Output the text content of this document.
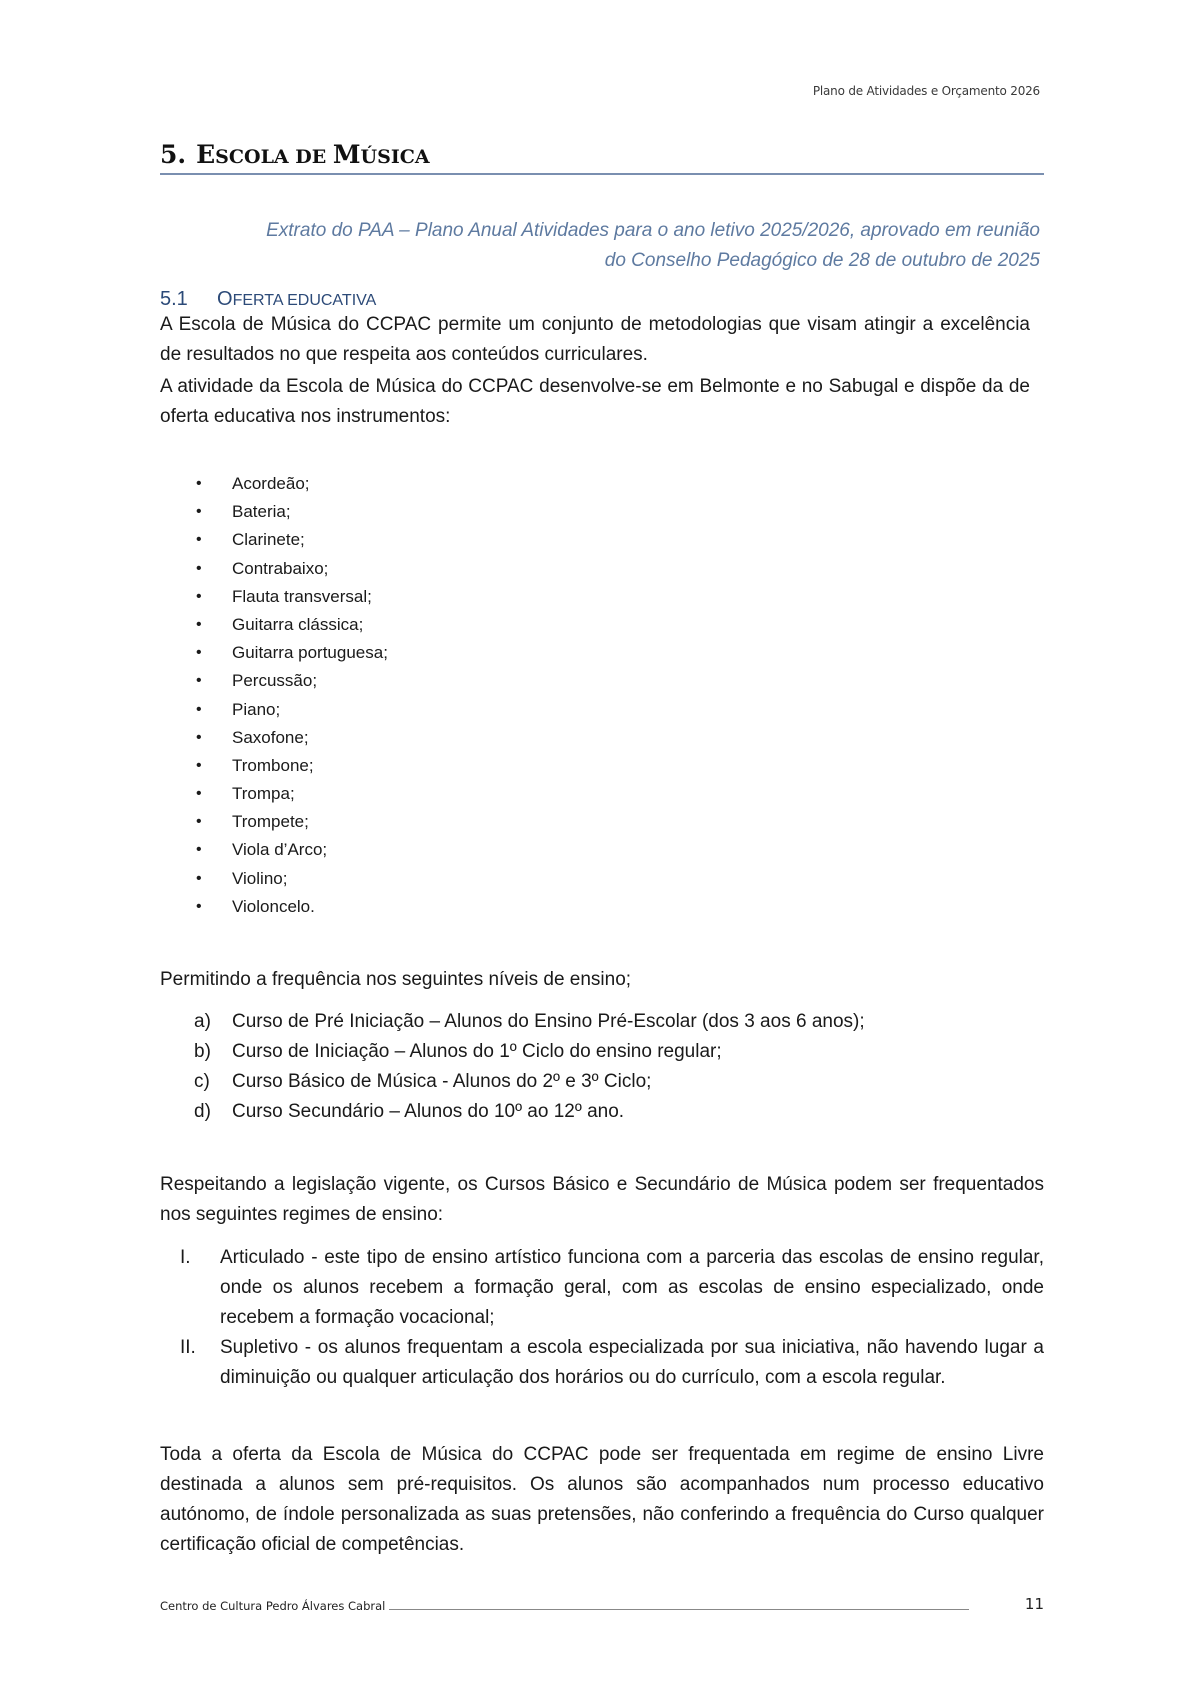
Plano de Atividades e Orçamento 2026
5. ESCOLA DE MÚSICA
Extrato do PAA – Plano Anual Atividades para o ano letivo 2025/2026, aprovado em reunião
do Conselho Pedagógico de 28 de outubro de 2025
5.1 OFERTA EDUCATIVA

A Escola de Música do CCPAC permite um conjunto de metodologias que visam atingir a excelência de resultados no que respeita aos conteúdos curriculares.

A atividade da Escola de Música do CCPAC desenvolve-se em Belmonte e no Sabugal e dispõe da de oferta educativa nos instrumentos:

•	Acordeão;
•	Bateria;
•	Clarinete;
•	Contrabaixo;
•	Flauta transversal;
•	Guitarra clássica;
•	Guitarra portuguesa;
•	Percussão;
•	Piano;
•	Saxofone;
•	Trombone;
•	Trompa;
•	Trompete;
•	Viola d’Arco;
•	Violino;
•	Violoncelo.

Permitindo a frequência nos seguintes níveis de ensino;

a)	Curso de Pré Iniciação – Alunos do Ensino Pré-Escolar (dos 3 aos 6 anos);
b)	Curso de Iniciação – Alunos do 1º Ciclo do ensino regular;
c)	Curso Básico de Música - Alunos do 2º e 3º Ciclo;
d)	Curso Secundário – Alunos do 10º ao 12º ano.

Respeitando a legislação vigente, os Cursos Básico e Secundário de Música podem ser frequentados nos seguintes regimes de ensino:

I.	Articulado - este tipo de ensino artístico funciona com a parceria das escolas de ensino regular, onde os alunos recebem a formação geral, com as escolas de ensino especializado, onde recebem a formação vocacional;
II.	Supletivo - os alunos frequentam a escola especializada por sua iniciativa, não havendo lugar a diminuição ou qualquer articulação dos horários ou do currículo, com a escola regular.

Toda a oferta da Escola de Música do CCPAC pode ser frequentada em regime de ensino Livre destinada a alunos sem pré-requisitos. Os alunos são acompanhados num processo educativo autónomo, de índole personalizada as suas pretensões, não conferindo a frequência do Curso qualquer certificação oficial de competências.

Centro de Cultura Pedro Álvares Cabral	11
